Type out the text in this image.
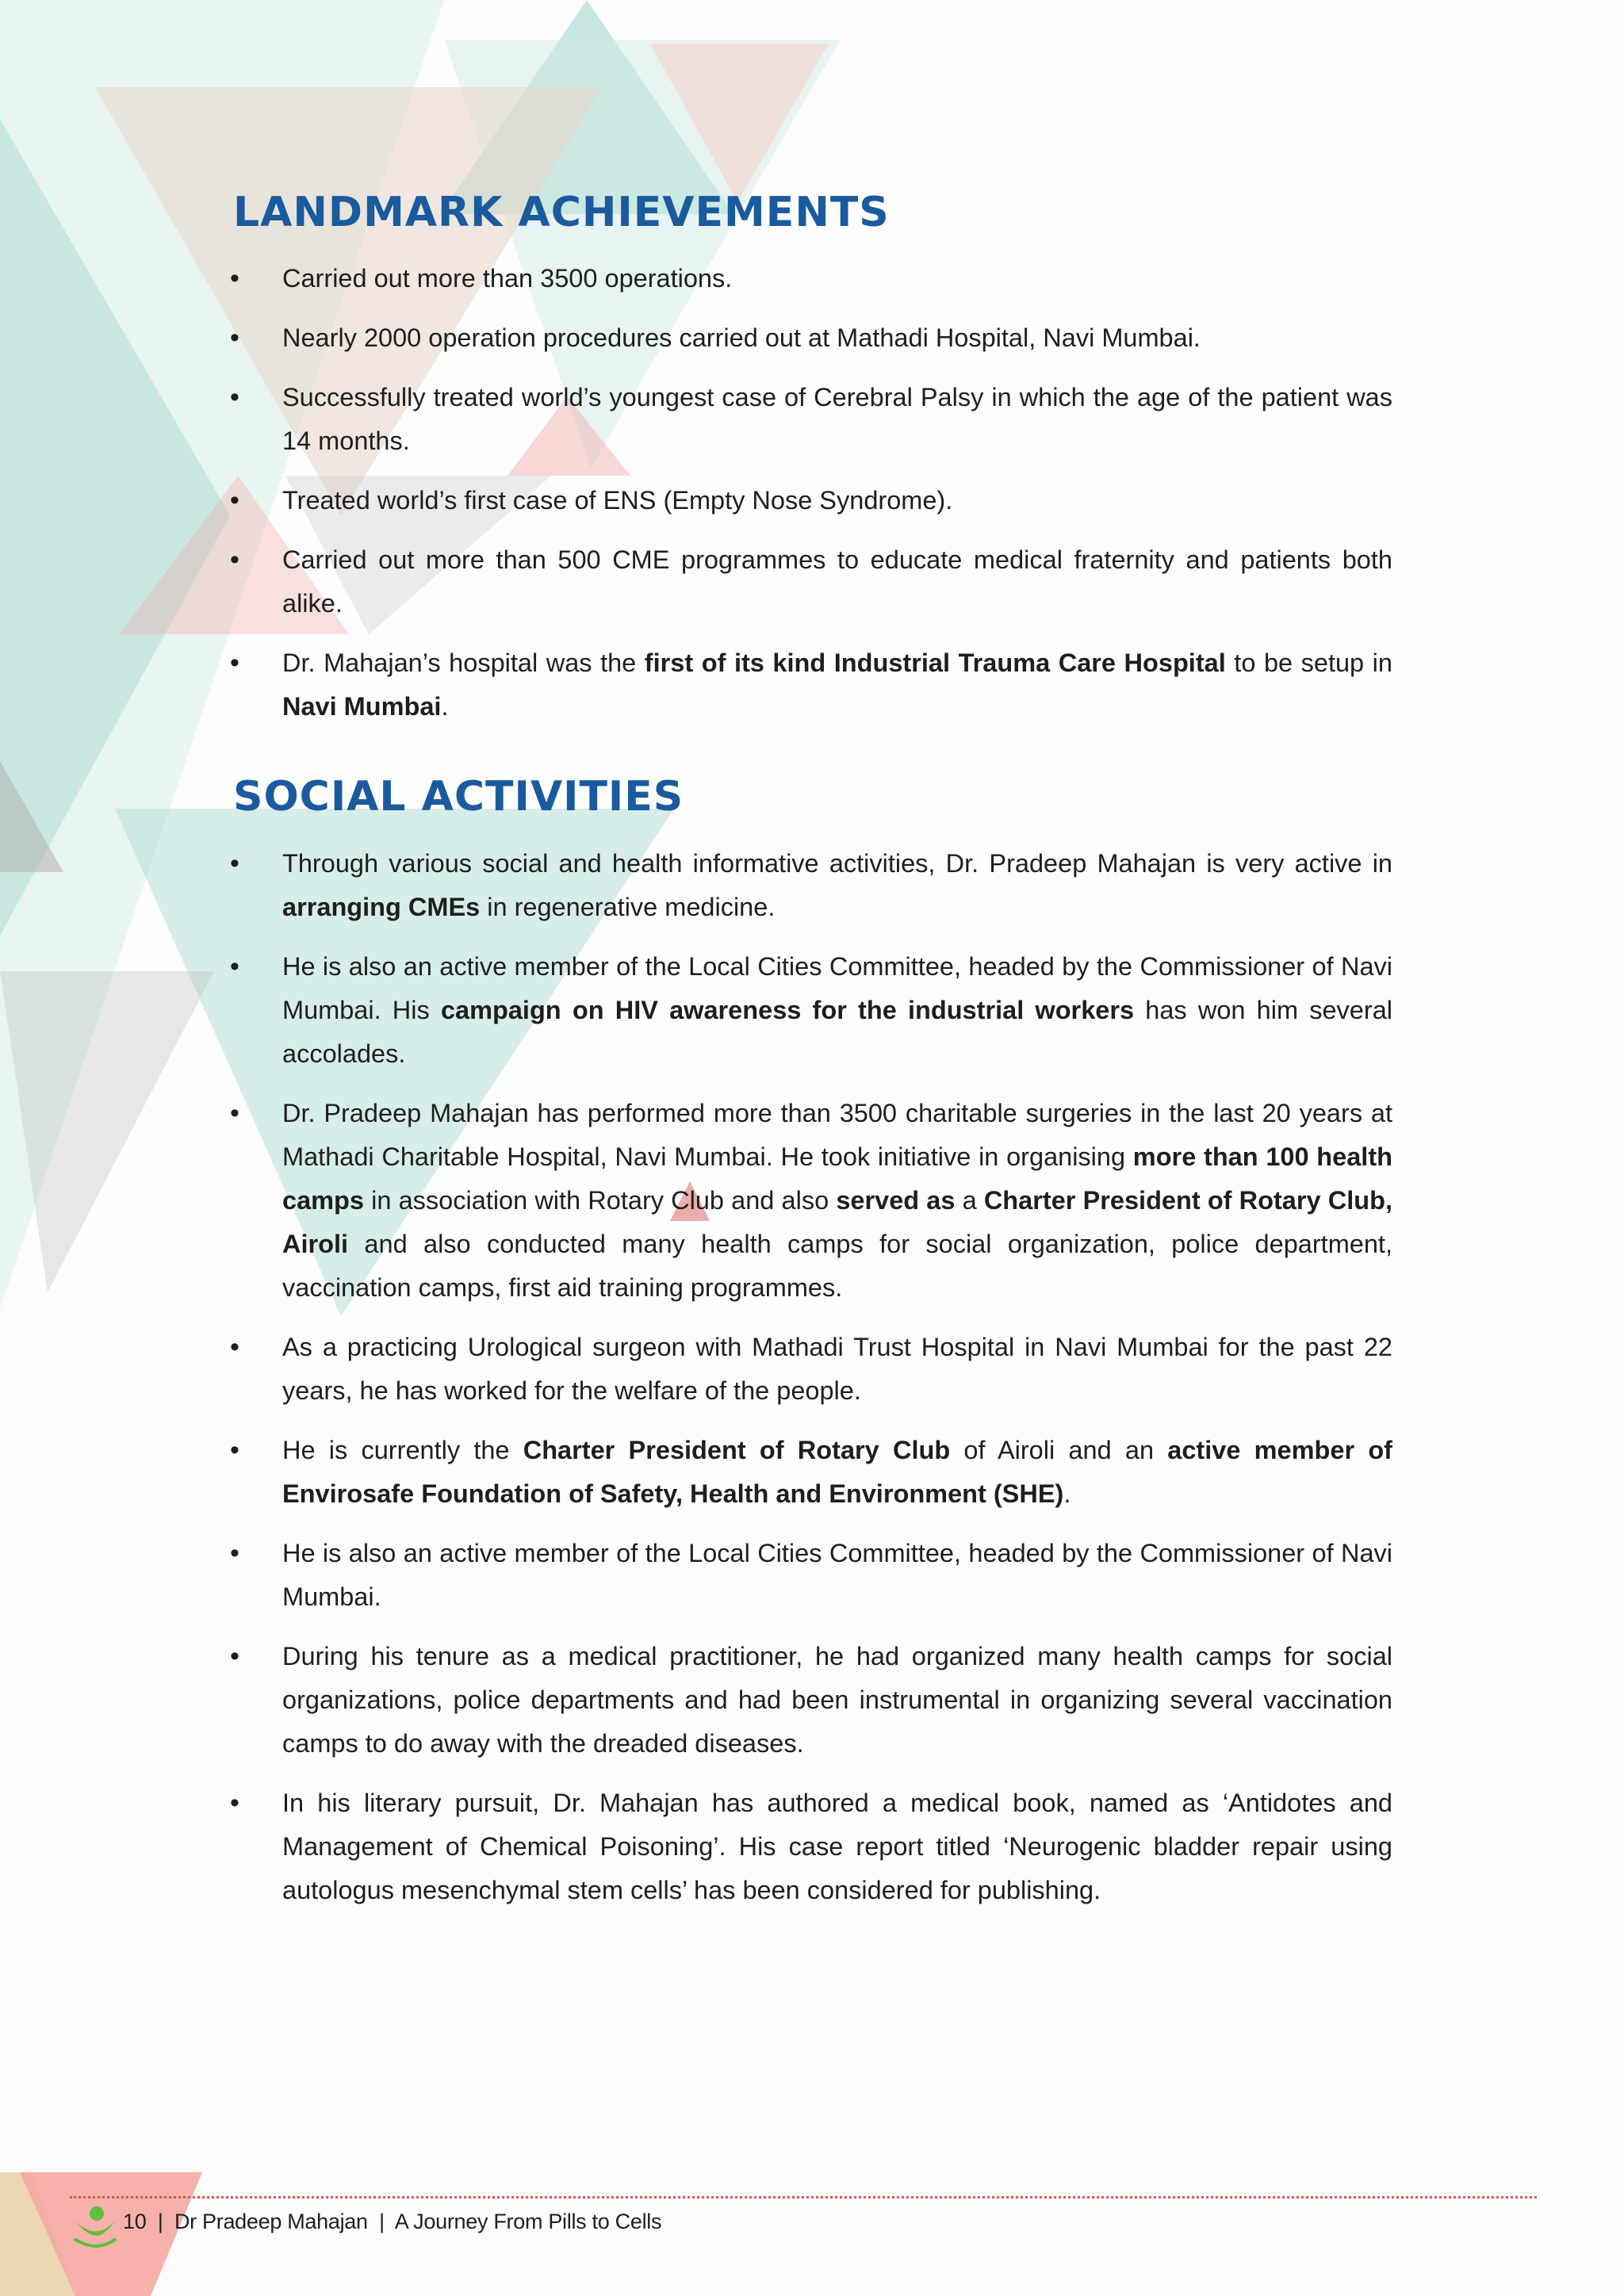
LANDMARK ACHIEVEMENTS
• Carried out more than 3500 operations.
• Nearly 2000 operation procedures carried out at Mathadi Hospital, Navi Mumbai.
• Successfully treated world’s youngest case of Cerebral Palsy in which the age of the patient was 14 months.
• Treated world’s first case of ENS (Empty Nose Syndrome).
• Carried out more than 500 CME programmes to educate medical fraternity and patients both alike.
• Dr. Mahajan’s hospital was the first of its kind Industrial Trauma Care Hospital to be setup in Navi Mumbai.
SOCIAL ACTIVITIES
• Through various social and health informative activities, Dr. Pradeep Mahajan is very active in arranging CMEs in regenerative medicine.
• He is also an active member of the Local Cities Committee, headed by the Commissioner of Navi Mumbai. His campaign on HIV awareness for the industrial workers has won him several accolades.
• Dr. Pradeep Mahajan has performed more than 3500 charitable surgeries in the last 20 years at Mathadi Charitable Hospital, Navi Mumbai. He took initiative in organising more than 100 health camps in association with Rotary Club and also served as a Charter President of Rotary Club, Airoli and also conducted many health camps for social organization, police department, vaccination camps, first aid training programmes.
• As a practicing Urological surgeon with Mathadi Trust Hospital in Navi Mumbai for the past 22 years, he has worked for the welfare of the people.
• He is currently the Charter President of Rotary Club of Airoli and an active member of Envirosafe Foundation of Safety, Health and Environment (SHE).
• He is also an active member of the Local Cities Committee, headed by the Commissioner of Navi Mumbai.
• During his tenure as a medical practitioner, he had organized many health camps for social organizations, police departments and had been instrumental in organizing several vaccination camps to do away with the dreaded diseases.
• In his literary pursuit, Dr. Mahajan has authored a medical book, named as ‘Antidotes and Management of Chemical Poisoning’. His case report titled ‘Neurogenic bladder repair using autologus mesenchymal stem cells’ has been considered for publishing.
10 | Dr Pradeep Mahajan | A Journey From Pills to Cells
